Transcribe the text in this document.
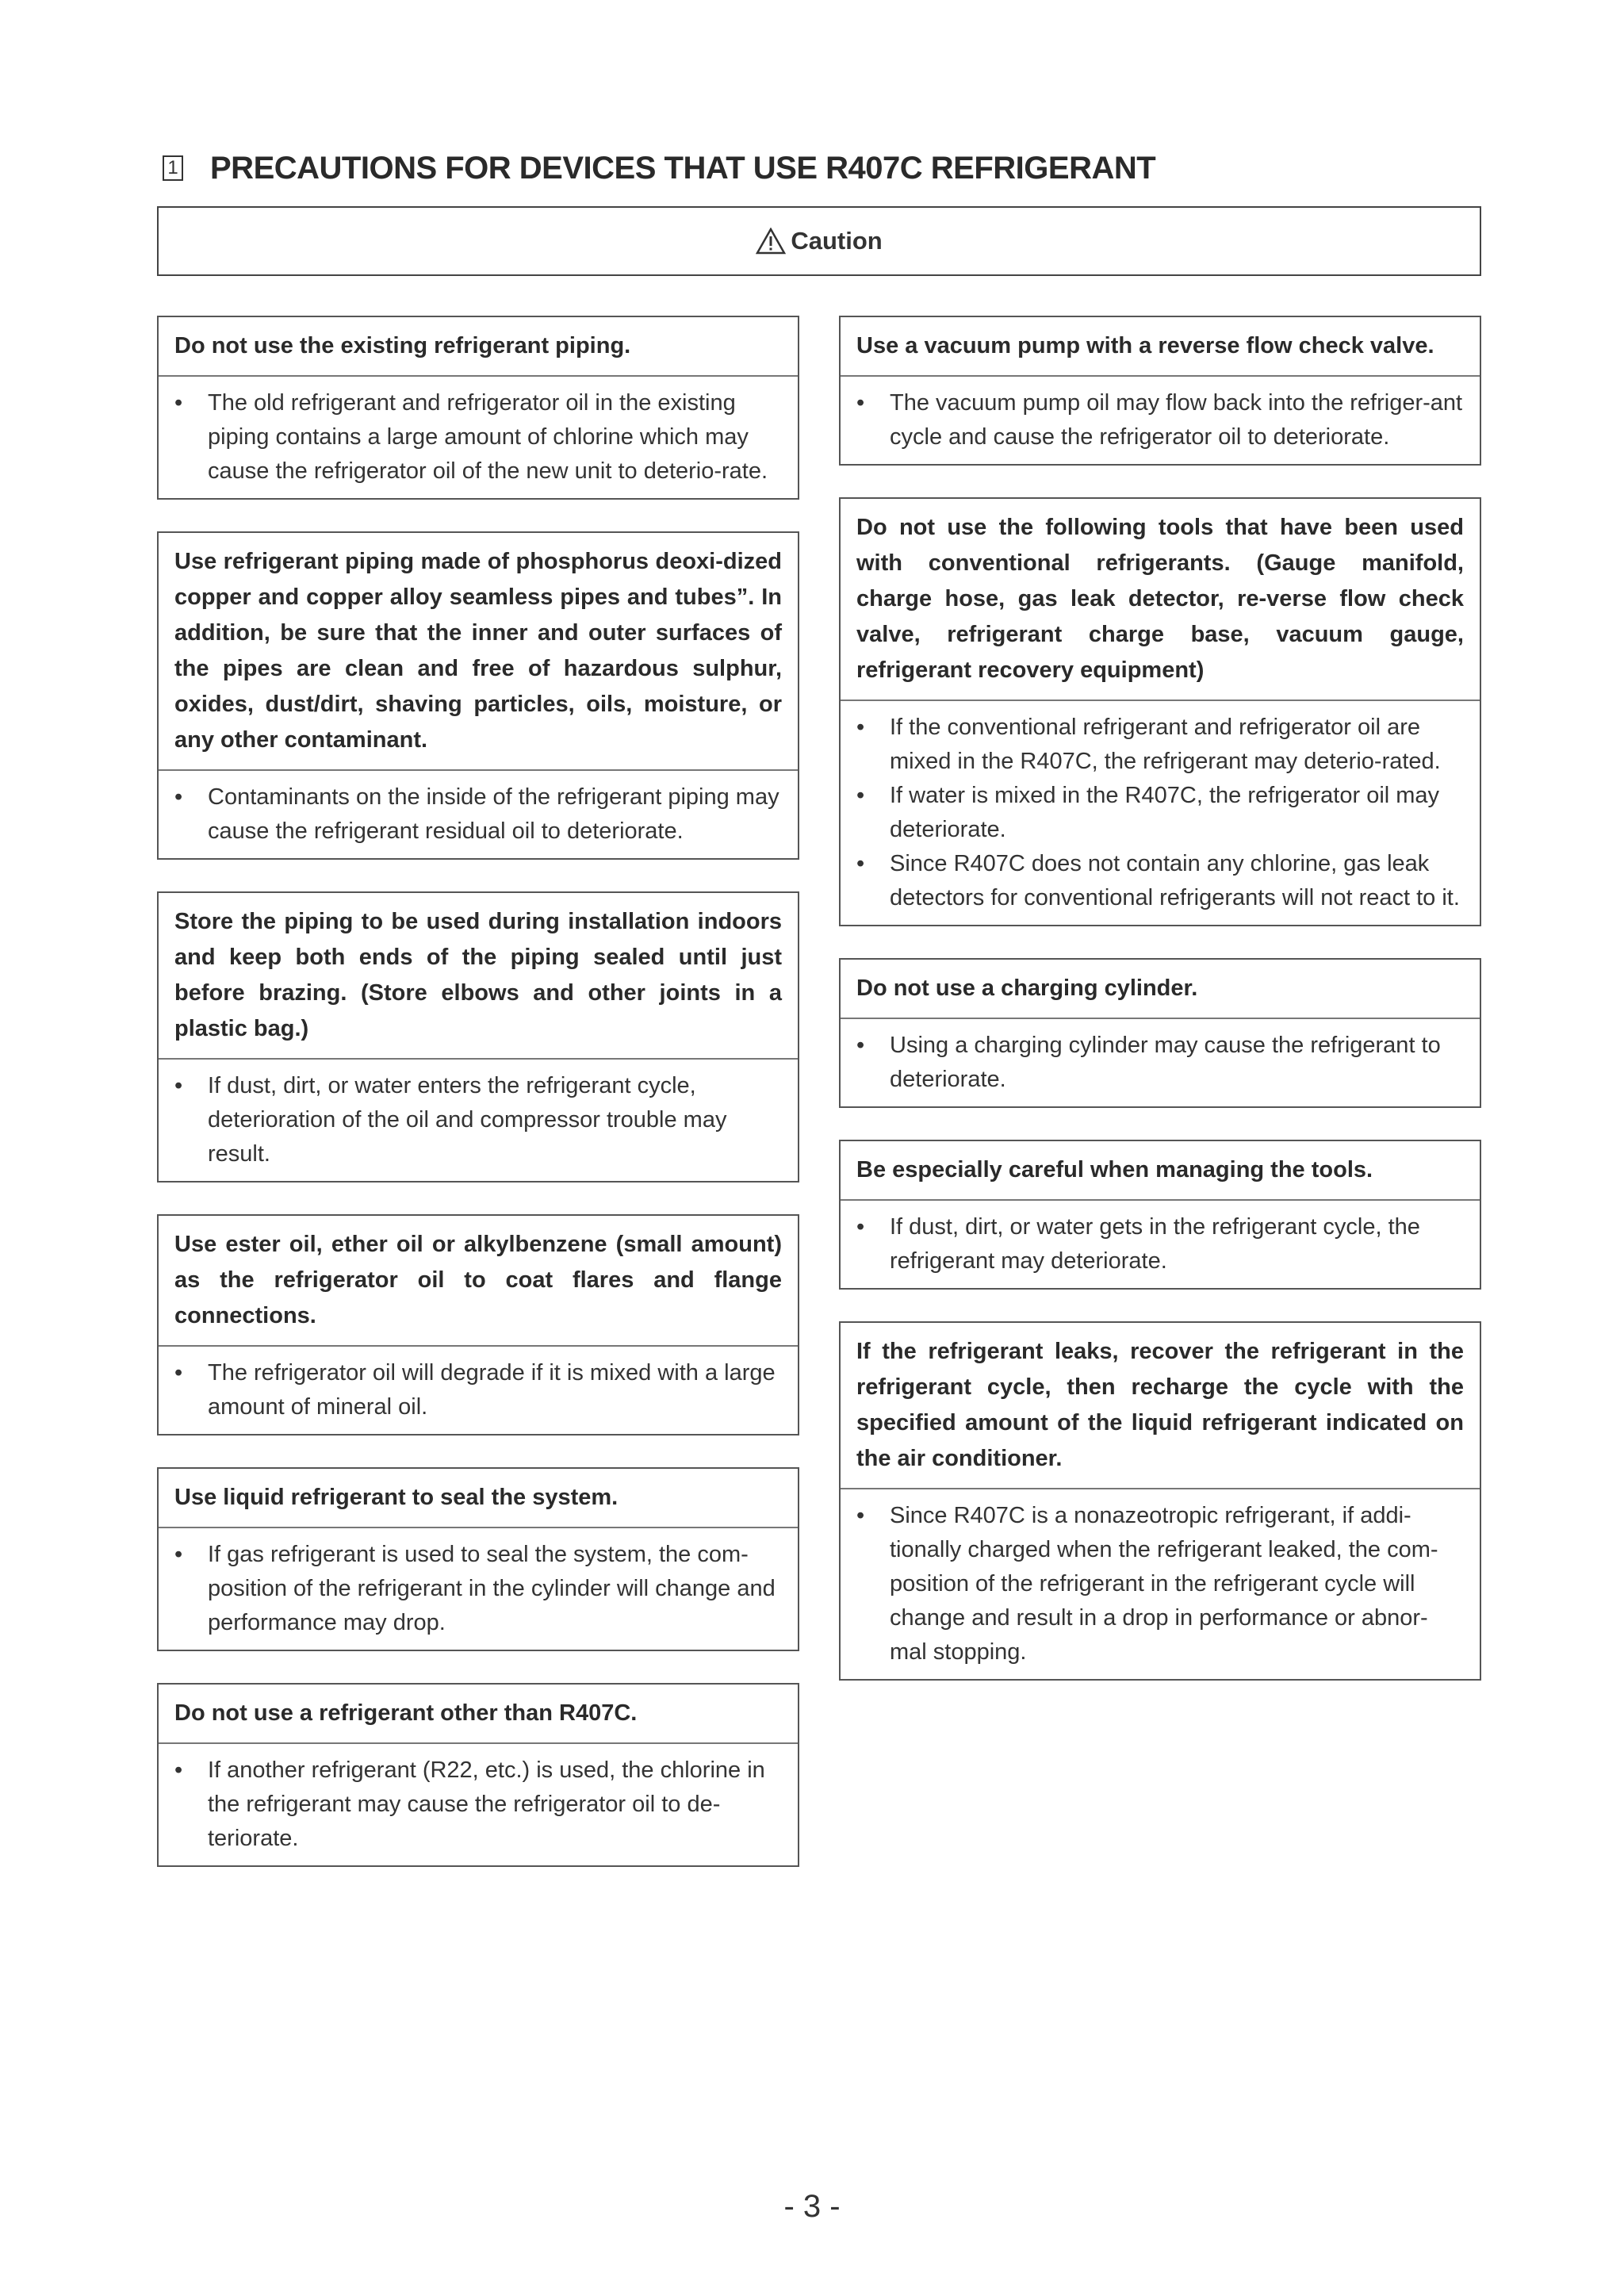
1 PRECAUTIONS FOR DEVICES THAT USE R407C REFRIGERANT
Caution
Do not use the existing refrigerant piping.
•	The old refrigerant and refrigerator oil in the existing piping contains a large amount of chlorine which may cause the refrigerator oil of the new unit to deterio-rate.
Use refrigerant piping made of phosphorus deoxi-dized copper and copper alloy seamless pipes and tubes”. In addition, be sure that the inner and outer surfaces of the pipes are clean and free of hazardous sulphur, oxides, dust/dirt, shaving particles, oils, moisture, or any other contaminant.
•	Contaminants on the inside of the refrigerant piping may cause the refrigerant residual oil to deteriorate.
Store the piping to be used during installation indoors and keep both ends of the piping sealed until just before brazing. (Store elbows and other joints in a plastic bag.)
•	If dust, dirt, or water enters the refrigerant cycle, deterioration of the oil and compressor trouble may result.
Use ester oil, ether oil or alkylbenzene (small amount) as the refrigerator oil to coat flares and flange connections.
•	The refrigerator oil will degrade if it is mixed with a large amount of mineral oil.
Use liquid refrigerant to seal the system.
•	If gas refrigerant is used to seal the system, the com-position of the refrigerant in the cylinder will change and performance may drop.
Do not use a refrigerant other than R407C.
•	If another refrigerant (R22, etc.) is used, the chlorine in the refrigerant may cause the refrigerator oil to de-teriorate.
Use a vacuum pump with a reverse flow check valve.
•	The vacuum pump oil may flow back into the refriger-ant cycle and cause the refrigerator oil to deteriorate.
Do not use the following tools that have been used with conventional refrigerants. (Gauge manifold, charge hose, gas leak detector, re-verse flow check valve, refrigerant charge base, vacuum gauge, refrigerant recovery equipment)
•	If the conventional refrigerant and refrigerator oil are mixed in the R407C, the refrigerant may deterio-rated.
•	If water is mixed in the R407C, the refrigerator oil may deteriorate.
•	Since R407C does not contain any chlorine, gas leak detectors for conventional refrigerants will not react to it.
Do not use a charging cylinder.
•	Using a charging cylinder may cause the refrigerant to deteriorate.
Be especially careful when managing the tools.
•	If dust, dirt, or water gets in the refrigerant cycle, the refrigerant may deteriorate.
If the refrigerant leaks, recover the refrigerant in the refrigerant cycle, then recharge the cycle with the specified amount of the liquid refrigerant indicated on the air conditioner.
•	Since R407C is a nonazeotropic refrigerant, if addi-tionally charged when the refrigerant leaked, the com-position of the refrigerant in the refrigerant cycle will change and result in a drop in performance or abnor-mal stopping.
- 3 -
